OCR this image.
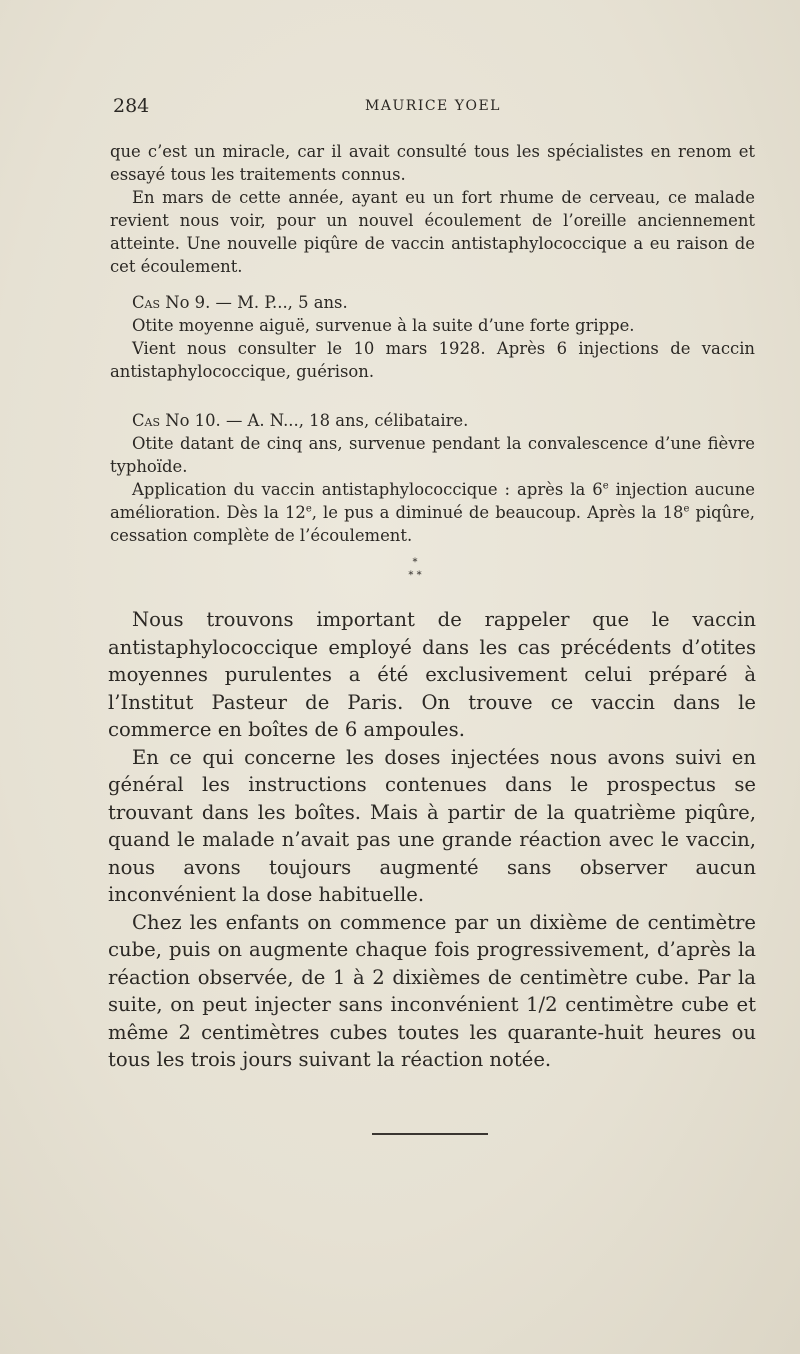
284	MAURICE YOEL

que c’est un miracle, car il avait consulté tous les spécialistes en renom et essayé tous les traitements connus.

En mars de cette année, ayant eu un fort rhume de cerveau, ce malade revient nous voir, pour un nouvel écoulement de l’oreille anciennement atteinte. Une nouvelle piqûre de vaccin antistaphylococcique a eu raison de cet écoulement.

Cas No 9. — M. P..., 5 ans.

Otite moyenne aiguë, survenue à la suite d’une forte grippe.

Vient nous consulter le 10 mars 1928. Après 6 injections de vaccin antistaphylococcique, guérison.

Cas No 10. — A. N..., 18 ans, célibataire.

Otite datant de cinq ans, survenue pendant la convalescence d’une fièvre typhoïde.

Application du vaccin antistaphylococcique : après la 6e injection aucune amélioration. Dès la 12e, le pus a diminué de beaucoup. Après la 18e piqûre, cessation complète de l’écoulement.

*
* *

Nous trouvons important de rappeler que le vaccin antistaphylococcique employé dans les cas précédents d’otites moyennes purulentes a été exclusivement celui préparé à l’Institut Pasteur de Paris. On trouve ce vaccin dans le commerce en boîtes de 6 ampoules.

En ce qui concerne les doses injectées nous avons suivi en général les instructions contenues dans le prospectus se trouvant dans les boîtes. Mais à partir de la quatrième piqûre, quand le malade n’avait pas une grande réaction avec le vaccin, nous avons toujours augmenté sans observer aucun inconvénient la dose habituelle.

Chez les enfants on commence par un dixième de centimètre cube, puis on augmente chaque fois progressivement, d’après la réaction observée, de 1 à 2 dixièmes de centimètre cube. Par la suite, on peut injecter sans inconvénient 1/2 centimètre cube et même 2 centimètres cubes toutes les quarante-huit heures ou tous les trois jours suivant la réaction notée.
